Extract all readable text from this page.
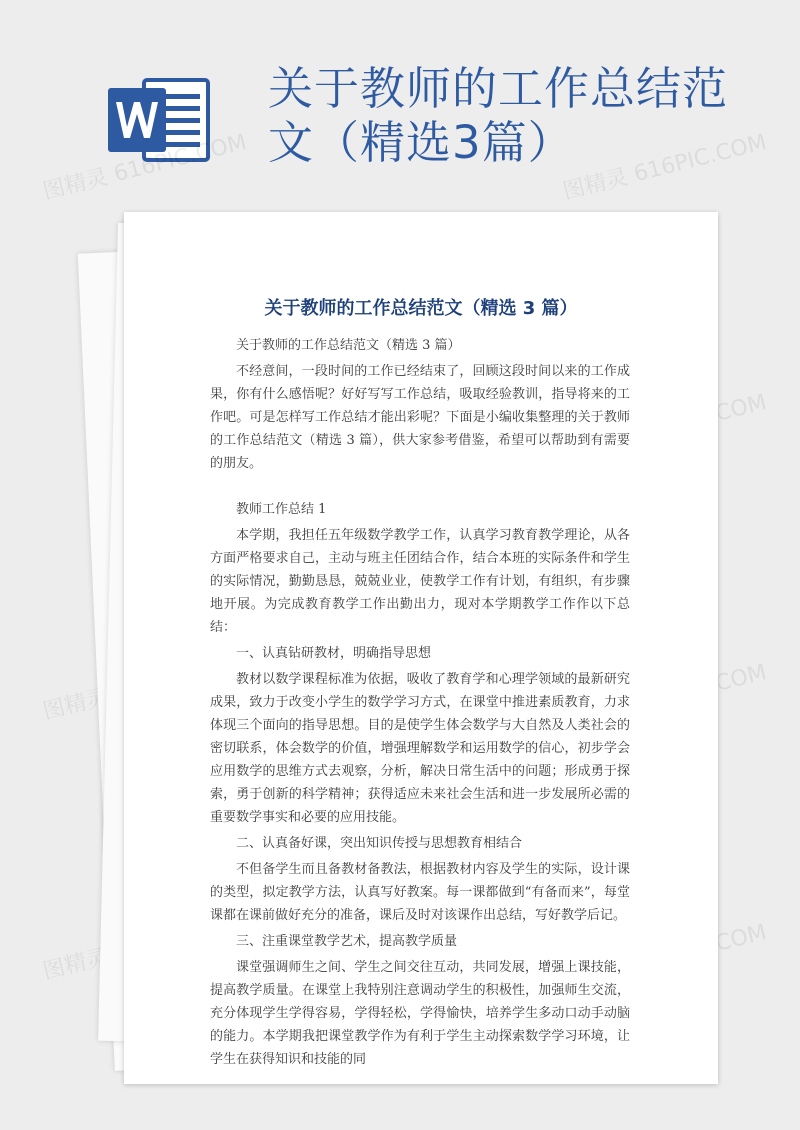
关于教师的工作总结范文（精选3篇）
图精灵 616PIC.COM	图精灵 616PIC.COM
图精灵
图精灵
关于教师的工作总结范文（精选 3 篇）

关于教师的工作总结范文（精选 3 篇）

不经意间，一段时间的工作已经结束了，回顾这段时间以来的工作成果，你有什么感悟呢？好好写写工作总结，吸取经验教训，指导将来的工作吧。可是怎样写工作总结才能出彩呢？下面是小编收集整理的关于教师的工作总结范文（精选 3 篇），供大家参考借鉴，希望可以帮助到有需要的朋友。

教师工作总结 1

本学期，我担任五年级数学教学工作，认真学习教育教学理论，从各方面严格要求自己，主动与班主任团结合作，结合本班的实际条件和学生的实际情况，勤勤恳恳，兢兢业业，使教学工作有计划，有组织，有步骤地开展。为完成教育教学工作出勤出力，现对本学期教学工作作以下总结：

一、认真钻研教材，明确指导思想

教材以数学课程标准为依据，吸收了教育学和心理学领域的最新研究成果，致力于改变小学生的数学学习方式，在课堂中推进素质教育，力求体现三个面向的指导思想。目的是使学生体会数学与大自然及人类社会的密切联系，体会数学的价值，增强理解数学和运用数学的信心，初步学会应用数学的思维方式去观察，分析，解决日常生活中的问题；形成勇于探索，勇于创新的科学精神；获得适应未来社会生活和进一步发展所必需的重要数学事实和必要的应用技能。

二、认真备好课，突出知识传授与思想教育相结合

不但备学生而且备教材备教法，根据教材内容及学生的实际，设计课的类型，拟定教学方法，认真写好教案。每一课都做到“有备而来”，每堂课都在课前做好充分的准备，课后及时对该课作出总结，写好教学后记。

三、注重课堂教学艺术，提高教学质量

课堂强调师生之间、学生之间交往互动，共同发展，增强上课技能，提高教学质量。在课堂上我特别注意调动学生的积极性，加强师生交流，充分体现学生学得容易，学得轻松，学得愉快，培养学生多动口动手动脑的能力。本学期我把课堂教学作为有利于学生主动探索数学学习环境，让学生在获得知识和技能的同
